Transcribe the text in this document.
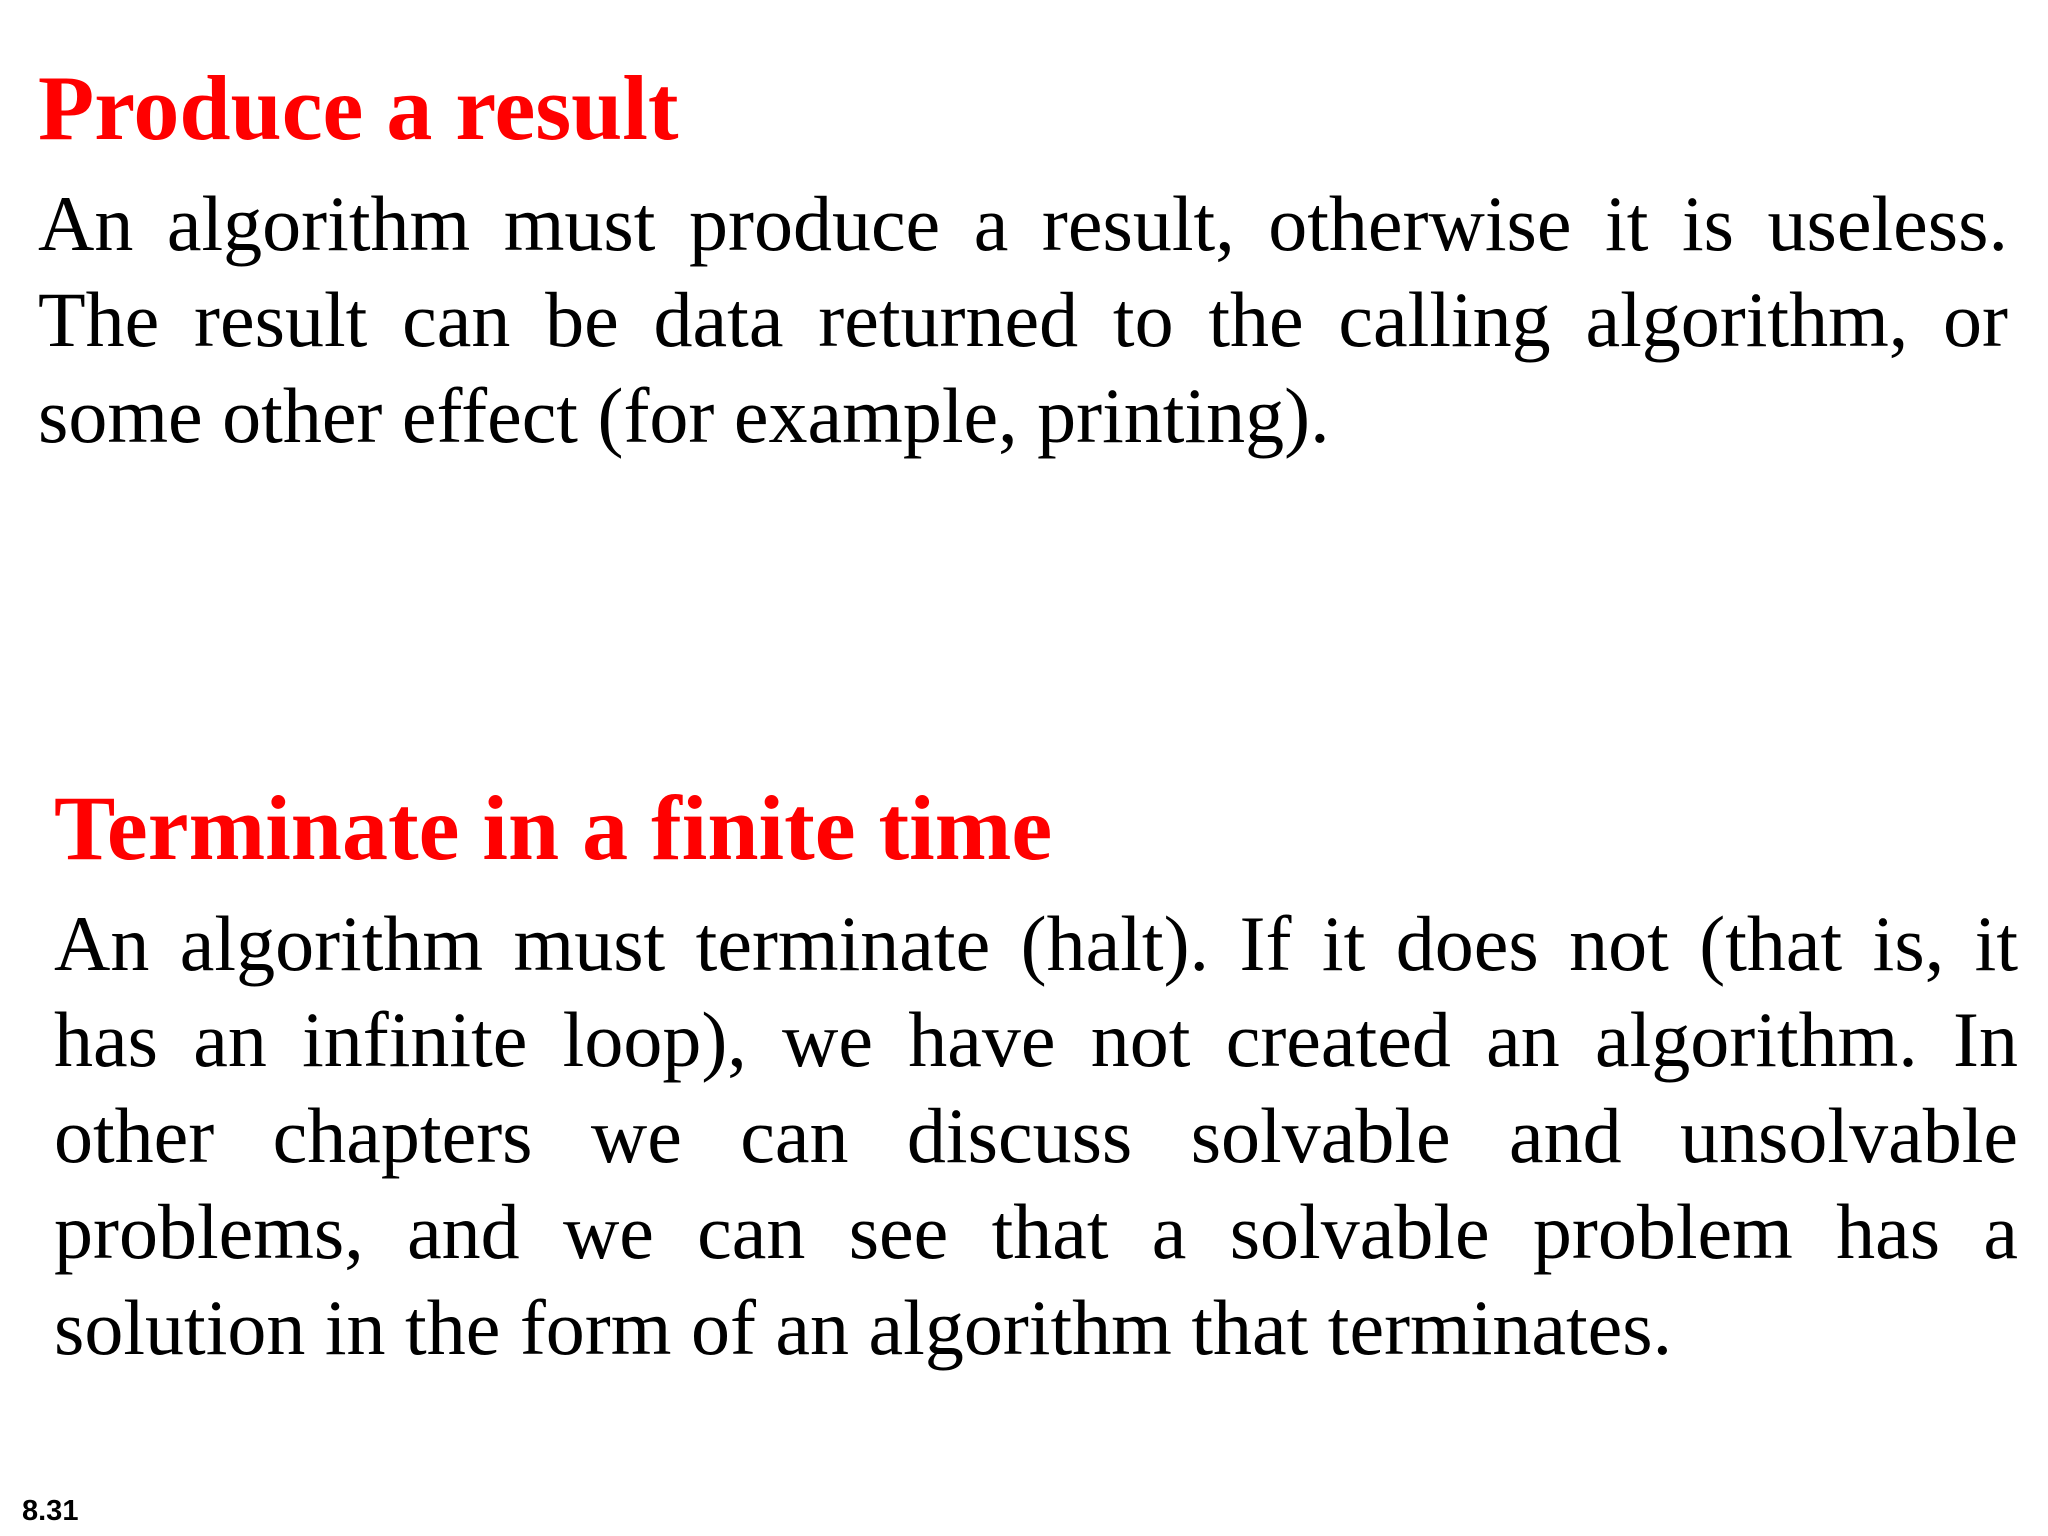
Produce a result

An algorithm must produce a result, otherwise it is useless. The result can be data returned to the calling algorithm, or some other effect (for example, printing).

Terminate in a finite time

An algorithm must terminate (halt). If it does not (that is, it has an infinite loop), we have not created an algorithm. In other chapters we can discuss solvable and unsolvable problems, and we can see that a solvable problem has a solution in the form of an algorithm that terminates.

8.31
